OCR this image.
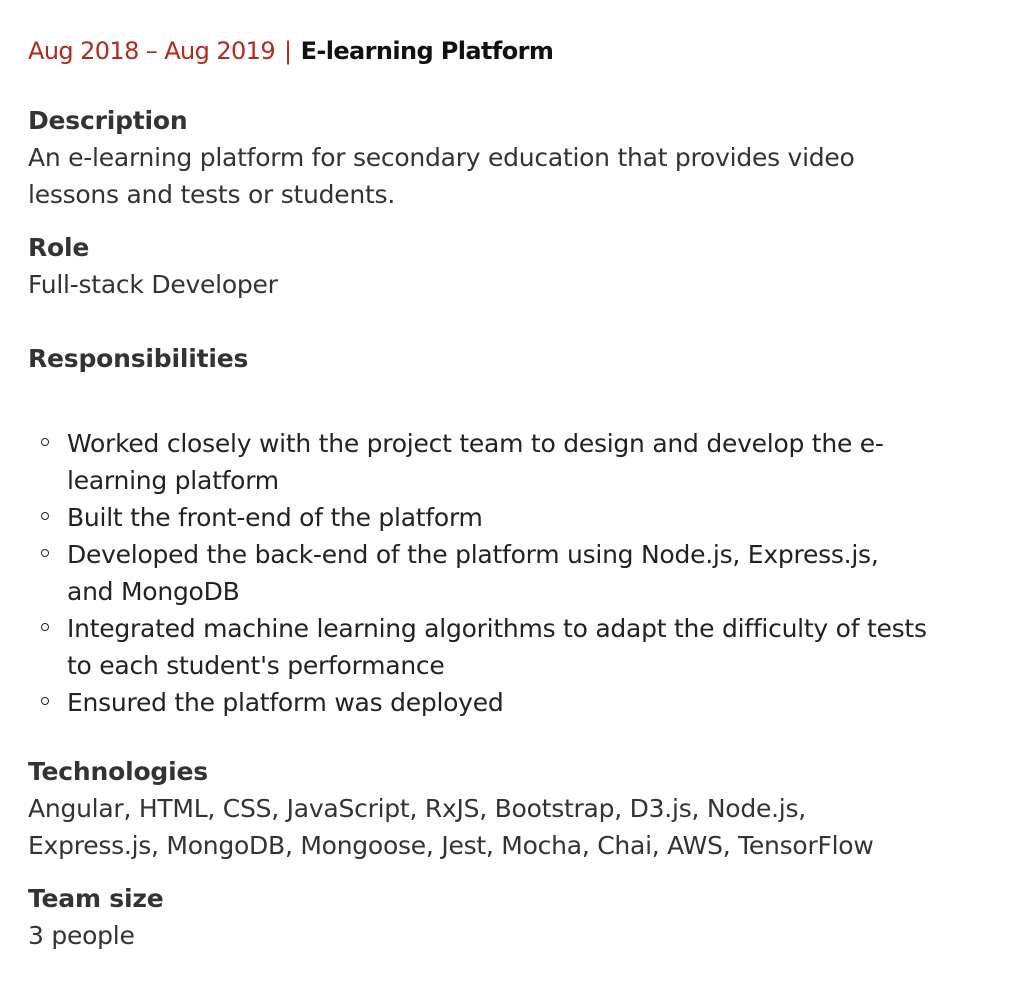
Aug 2018 – Aug 2019 | E-learning Platform
Description
An e-learning platform for secondary education that provides video
lessons and tests or students.
Role
Full-stack Developer
Responsibilities
Worked closely with the project team to design and develop the e-
learning platform
Built the front-end of the platform
Developed the back-end of the platform using Node.js, Express.js,
and MongoDB
Integrated machine learning algorithms to adapt the difficulty of tests
to each student's performance
Ensured the platform was deployed
Technologies
Angular, HTML, CSS, JavaScript, RxJS, Bootstrap, D3.js, Node.js,
Express.js, MongoDB, Mongoose, Jest, Mocha, Chai, AWS, TensorFlow
Team size
3 people
